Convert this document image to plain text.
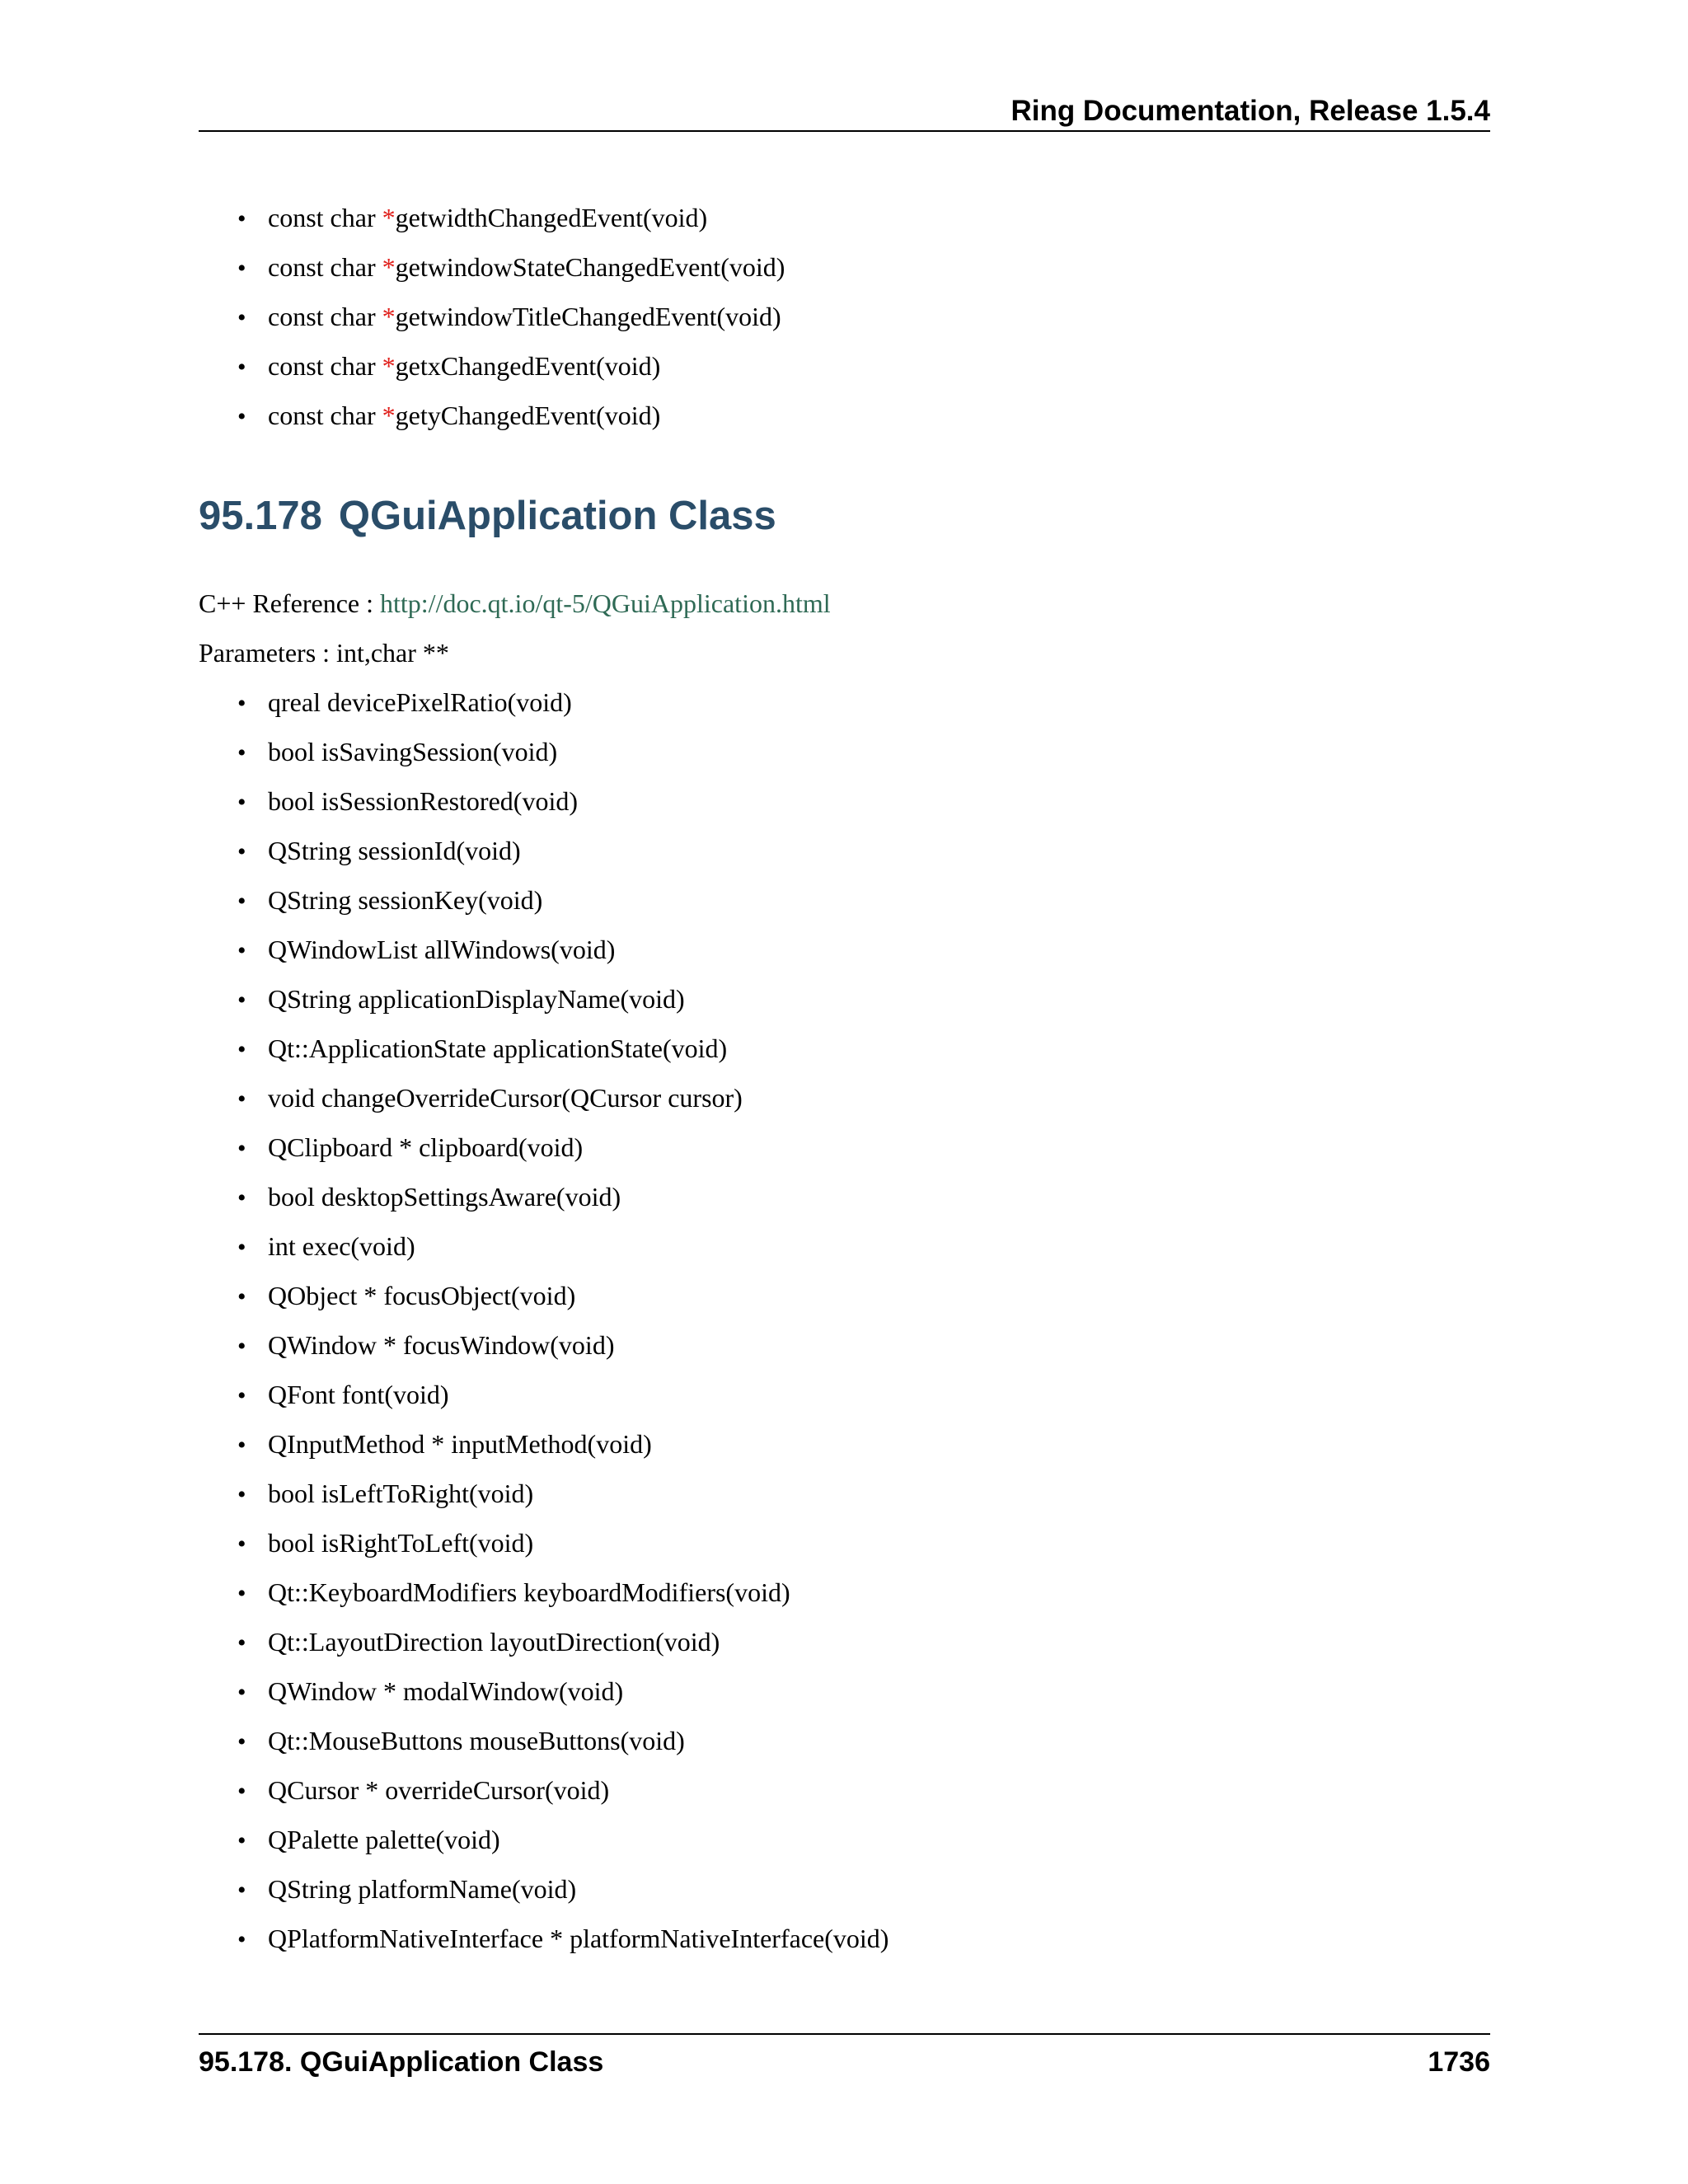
Ring Documentation, Release 1.5.4
• const char *getwidthChangedEvent(void)
• const char *getwindowStateChangedEvent(void)
• const char *getwindowTitleChangedEvent(void)
• const char *getxChangedEvent(void)
• const char *getyChangedEvent(void)
95.178 QGuiApplication Class
C++ Reference : http://doc.qt.io/qt-5/QGuiApplication.html
Parameters : int,char **
• qreal devicePixelRatio(void)
• bool isSavingSession(void)
• bool isSessionRestored(void)
• QString sessionId(void)
• QString sessionKey(void)
• QWindowList allWindows(void)
• QString applicationDisplayName(void)
• Qt::ApplicationState applicationState(void)
• void changeOverrideCursor(QCursor cursor)
• QClipboard * clipboard(void)
• bool desktopSettingsAware(void)
• int exec(void)
• QObject * focusObject(void)
• QWindow * focusWindow(void)
• QFont font(void)
• QInputMethod * inputMethod(void)
• bool isLeftToRight(void)
• bool isRightToLeft(void)
• Qt::KeyboardModifiers keyboardModifiers(void)
• Qt::LayoutDirection layoutDirection(void)
• QWindow * modalWindow(void)
• Qt::MouseButtons mouseButtons(void)
• QCursor * overrideCursor(void)
• QPalette palette(void)
• QString platformName(void)
• QPlatformNativeInterface * platformNativeInterface(void)
95.178. QGuiApplication Class	1736
